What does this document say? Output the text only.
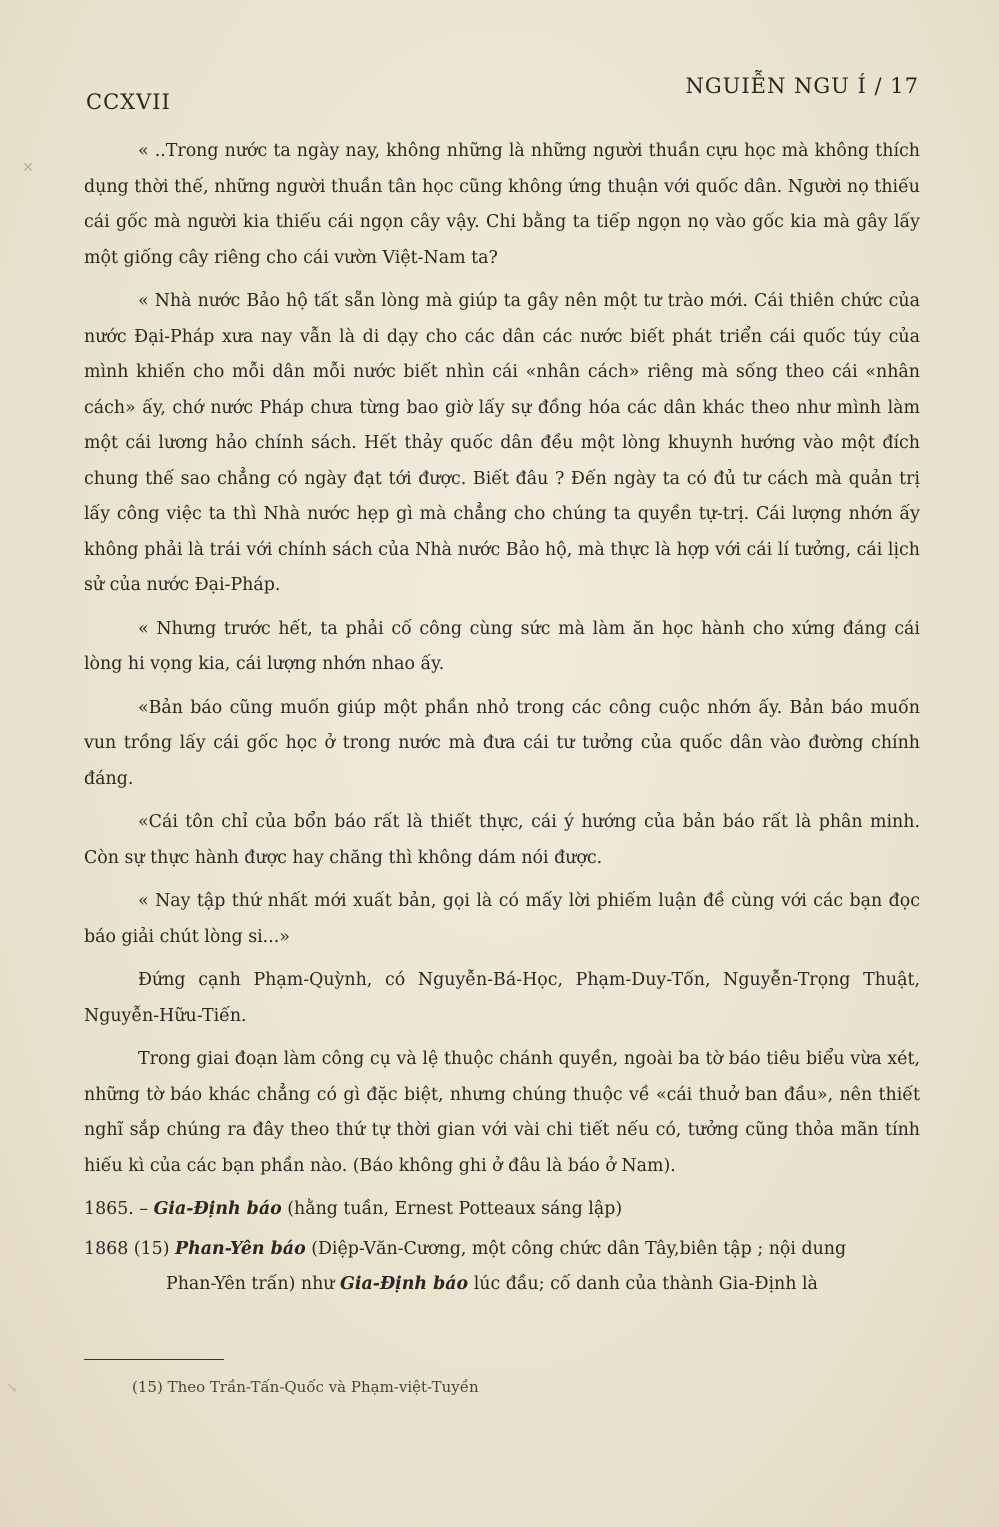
✕
↘
CCXVII
NGUIỄN NGU Í / 17

« ..Trong nước ta ngày nay, không những là những người thuần cựu học mà không thích dụng thời thế, những người thuần tân học cũng không ứng thuận với quốc dân. Người nọ thiếu cái gốc mà người kia thiếu cái ngọn cây vậy. Chi bằng ta tiếp ngọn nọ vào gốc kia mà gây lấy một giống cây riêng cho cái vườn Việt-Nam ta?

« Nhà nước Bảo hộ tất sẵn lòng mà giúp ta gây nên một tư trào mới. Cái thiên chức của nước Đại-Pháp xưa nay vẫn là di dạy cho các dân các nước biết phát triển cái quốc túy của mình khiến cho mỗi dân mỗi nước biết nhìn cái «nhân cách» riêng mà sống theo cái «nhân cách» ấy, chớ nước Pháp chưa từng bao giờ lấy sự đồng hóa các dân khác theo như mình làm một cái lương hảo chính sách. Hết thảy quốc dân đều một lòng khuynh hướng vào một đích chung thế sao chẳng có ngày đạt tới được. Biết đâu ? Đến ngày ta có đủ tư cách mà quản trị lấy công việc ta thì Nhà nước hẹp gì mà chẳng cho chúng ta quyền tự-trị. Cái lượng nhớn ấy không phải là trái với chính sách của Nhà nước Bảo hộ, mà thực là hợp với cái lí tưởng, cái lịch sử của nước Đại-Pháp.

« Nhưng trước hết, ta phải cố công cùng sức mà làm ăn học hành cho xứng đáng cái lòng hi vọng kia, cái lượng nhớn nhao ấy.

«Bản báo cũng muốn giúp một phần nhỏ trong các công cuộc nhớn ấy. Bản báo muốn vun trồng lấy cái gốc học ở trong nước mà đưa cái tư tưởng của quốc dân vào đường chính đáng.

«Cái tôn chỉ của bổn báo rất là thiết thực, cái ý hướng của bản báo rất là phân minh. Còn sự thực hành được hay chăng thì không dám nói được.

« Nay tập thứ nhất mới xuất bản, gọi là có mấy lời phiếm luận đề cùng với các bạn đọc báo giải chút lòng si...»

Đứng cạnh Phạm-Quỳnh, có Nguyễn-Bá-Học, Phạm-Duy-Tốn, Nguyễn-Trọng Thuật, Nguyễn-Hữu-Tiến.

Trong giai đoạn làm công cụ và lệ thuộc chánh quyền, ngoài ba tờ báo tiêu biểu vừa xét, những tờ báo khác chẳng có gì đặc biệt, nhưng chúng thuộc về «cái thuở ban đầu», nên thiết nghĩ sắp chúng ra đây theo thứ tự thời gian với vài chi tiết nếu có, tưởng cũng thỏa mãn tính hiếu kì của các bạn phần nào. (Báo không ghi ở đâu là báo ở Nam).

1865. – Gia-Định báo (hằng tuần, Ernest Potteaux sáng lập)
1868 (15) Phan-Yên báo (Diệp-Văn-Cương, một công chức dân Tây,biên tập ; nội dung
Phan-Yên trấn) như Gia-Định báo lúc đầu; cố danh của thành Gia-Định là
(15) Theo Trần-Tấn-Quốc và Phạm-việt-Tuyền
